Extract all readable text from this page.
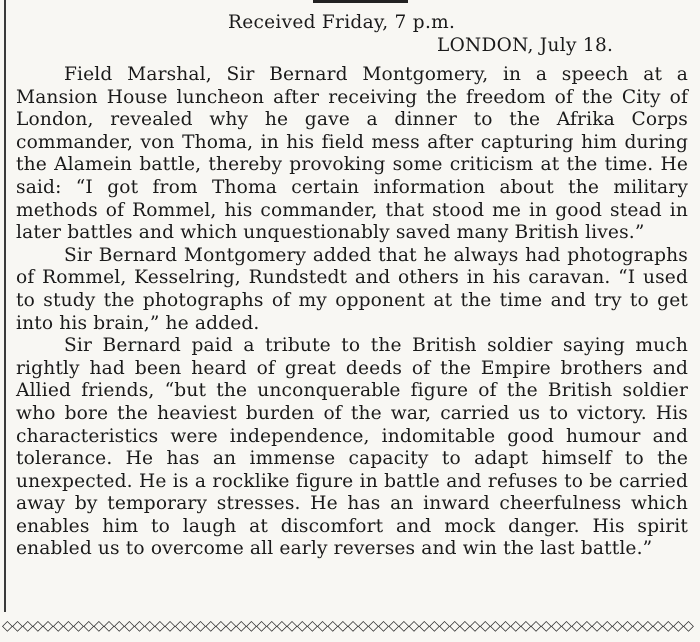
Received Friday, 7 p.m.
LONDON, July 18.

Field Marshal, Sir Bernard Montgomery, in a speech at a Mansion House luncheon after receiving the freedom of the City of London, revealed why he gave a dinner to the Afrika Corps commander, von Thoma, in his field mess after capturing him during the Alamein battle, thereby provoking some criticism at the time. He said: “I got from Thoma certain information about the military methods of Rommel, his commander, that stood me in good stead in later battles and which unquestionably saved many British lives.”

Sir Bernard Montgomery added that he always had photographs of Rommel, Kesselring, Rundstedt and others in his caravan. “I used to study the photographs of my opponent at the time and try to get into his brain,” he added.

Sir Bernard paid a tribute to the British soldier saying much rightly had been heard of great deeds of the Empire brothers and Allied friends, “but the unconquerable figure of the British soldier who bore the heaviest burden of the war, carried us to victory. His characteristics were independence, indomitable good humour and tolerance. He has an immense capacity to adapt himself to the unexpected. He is a rocklike figure in battle and refuses to be carried away by temporary stresses. He has an inward cheerfulness which enables him to laugh at discomfort and mock danger. His spirit enabled us to overcome all early reverses and win the last battle.”

◇◇◇◇◇◇◇◇◇◇◇◇◇◇◇◇◇◇◇◇◇◇◇◇◇◇◇◇◇◇◇◇◇◇◇◇◇◇◇◇◇◇◇◇◇◇◇◇◇◇◇◇◇◇◇◇◇◇◇◇◇◇◇◇◇◇◇◇
